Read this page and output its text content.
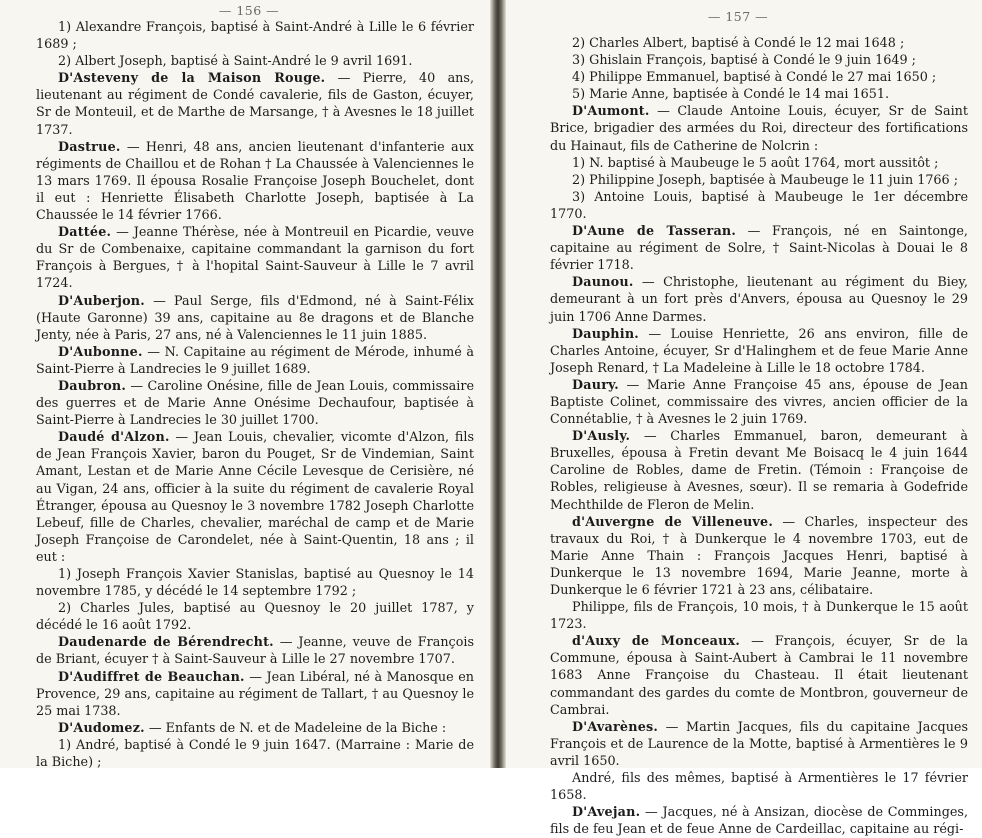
— 156 —

1) Alexandre François, baptisé à Saint-André à Lille le 6 février 1689 ;

2) Albert Joseph, baptisé à Saint-André le 9 avril 1691.

D'Asteveny de la Maison Rouge. — Pierre, 40 ans, lieutenant au régiment de Condé cavalerie, fils de Gaston, écuyer, Sr de Monteuil, et de Marthe de Marsange, † à Avesnes le 18 juillet 1737.

Dastrue. — Henri, 48 ans, ancien lieutenant d'infanterie aux régiments de Chaillou et de Rohan † La Chaussée à Valenciennes le 13 mars 1769. Il épousa Rosalie Françoise Joseph Bouchelet, dont il eut : Henriette Élisabeth Charlotte Joseph, baptisée à La Chaussée le 14 février 1766.

Dattée. — Jeanne Thérèse, née à Montreuil en Picardie, veuve du Sr de Combenaixe, capitaine commandant la garnison du fort François à Bergues, † à l'hopital Saint-Sauveur à Lille le 7 avril 1724.

D'Auberjon. — Paul Serge, fils d'Edmond, né à Saint-Félix (Haute Garonne) 39 ans, capitaine au 8e dragons et de Blanche Jenty, née à Paris, 27 ans, né à Valenciennes le 11 juin 1885.

D'Aubonne. — N. Capitaine au régiment de Mérode, inhumé à Saint-Pierre à Landrecies le 9 juillet 1689.

Daubron. — Caroline Onésine, fille de Jean Louis, commissaire des guerres et de Marie Anne Onésime Dechaufour, baptisée à Saint-Pierre à Landrecies le 30 juillet 1700.

Daudé d'Alzon. — Jean Louis, chevalier, vicomte d'Alzon, fils de Jean François Xavier, baron du Pouget, Sr de Vindemian, Saint Amant, Lestan et de Marie Anne Cécile Levesque de Cerisière, né au Vigan, 24 ans, officier à la suite du régiment de cavalerie Royal Étranger, épousa au Quesnoy le 3 novembre 1782 Joseph Charlotte Lebeuf, fille de Charles, chevalier, maréchal de camp et de Marie Joseph Françoise de Carondelet, née à Saint-Quentin, 18 ans ; il eut :

1) Joseph François Xavier Stanislas, baptisé au Quesnoy le 14 novembre 1785, y décédé le 14 septembre 1792 ;

2) Charles Jules, baptisé au Quesnoy le 20 juillet 1787, y décédé le 16 août 1792.

Daudenarde de Bérendrecht. — Jeanne, veuve de François de Briant, écuyer † à Saint-Sauveur à Lille le 27 novembre 1707.

D'Audiffret de Beauchan. — Jean Libéral, né à Manosque en Provence, 29 ans, capitaine au régiment de Tallart, † au Quesnoy le 25 mai 1738.

D'Audomez. — Enfants de N. et de Madeleine de la Biche :

1) André, baptisé à Condé le 9 juin 1647. (Marraine : Marie de la Biche) ;

— 157 —

2) Charles Albert, baptisé à Condé le 12 mai 1648 ;

3) Ghislain François, baptisé à Condé le 9 juin 1649 ;

4) Philippe Emmanuel, baptisé à Condé le 27 mai 1650 ;

5) Marie Anne, baptisée à Condé le 14 mai 1651.

D'Aumont. — Claude Antoine Louis, écuyer, Sr de Saint Brice, brigadier des armées du Roi, directeur des fortifications du Hainaut, fils de Catherine de Nolcrin :

1) N. baptisé à Maubeuge le 5 août 1764, mort aussitôt ;

2) Philippine Joseph, baptisée à Maubeuge le 11 juin 1766 ;

3) Antoine Louis, baptisé à Maubeuge le 1er décembre 1770.

D'Aune de Tasseran. — François, né en Saintonge, capitaine au régiment de Solre, † Saint-Nicolas à Douai le 8 février 1718.

Daunou. — Christophe, lieutenant au régiment du Biey, demeurant à un fort près d'Anvers, épousa au Quesnoy le 29 juin 1706 Anne Darmes.

Dauphin. — Louise Henriette, 26 ans environ, fille de Charles Antoine, écuyer, Sr d'Halinghem et de feue Marie Anne Joseph Renard, † La Madeleine à Lille le 18 octobre 1784.

Daury. — Marie Anne Françoise 45 ans, épouse de Jean Baptiste Colinet, commissaire des vivres, ancien officier de la Connétablie, † à Avesnes le 2 juin 1769.

D'Ausly. — Charles Emmanuel, baron, demeurant à Bruxelles, épousa à Fretin devant Me Boisacq le 4 juin 1644 Caroline de Robles, dame de Fretin. (Témoin : Françoise de Robles, religieuse à Avesnes, sœur). Il se remaria à Godefride Mechthilde de Fleron de Melin.

d'Auvergne de Villeneuve. — Charles, inspecteur des travaux du Roi, † à Dunkerque le 4 novembre 1703, eut de Marie Anne Thain : François Jacques Henri, baptisé à Dunkerque le 13 novembre 1694, Marie Jeanne, morte à Dunkerque le 6 février 1721 à 23 ans, célibataire.

Philippe, fils de François, 10 mois, † à Dunkerque le 15 août 1723.

d'Auxy de Monceaux. — François, écuyer, Sr de la Commune, épousa à Saint-Aubert à Cambrai le 11 novembre 1683 Anne Françoise du Chasteau. Il était lieutenant commandant des gardes du comte de Montbron, gouverneur de Cambrai.

D'Avarènes. — Martin Jacques, fils du capitaine Jacques François et de Laurence de la Motte, baptisé à Armentières le 9 avril 1650.

André, fils des mêmes, baptisé à Armentières le 17 février 1658.

D'Avejan. — Jacques, né à Ansizan, diocèse de Comminges, fils de feu Jean et de feue Anne de Cardeillac, capitaine au régi-
